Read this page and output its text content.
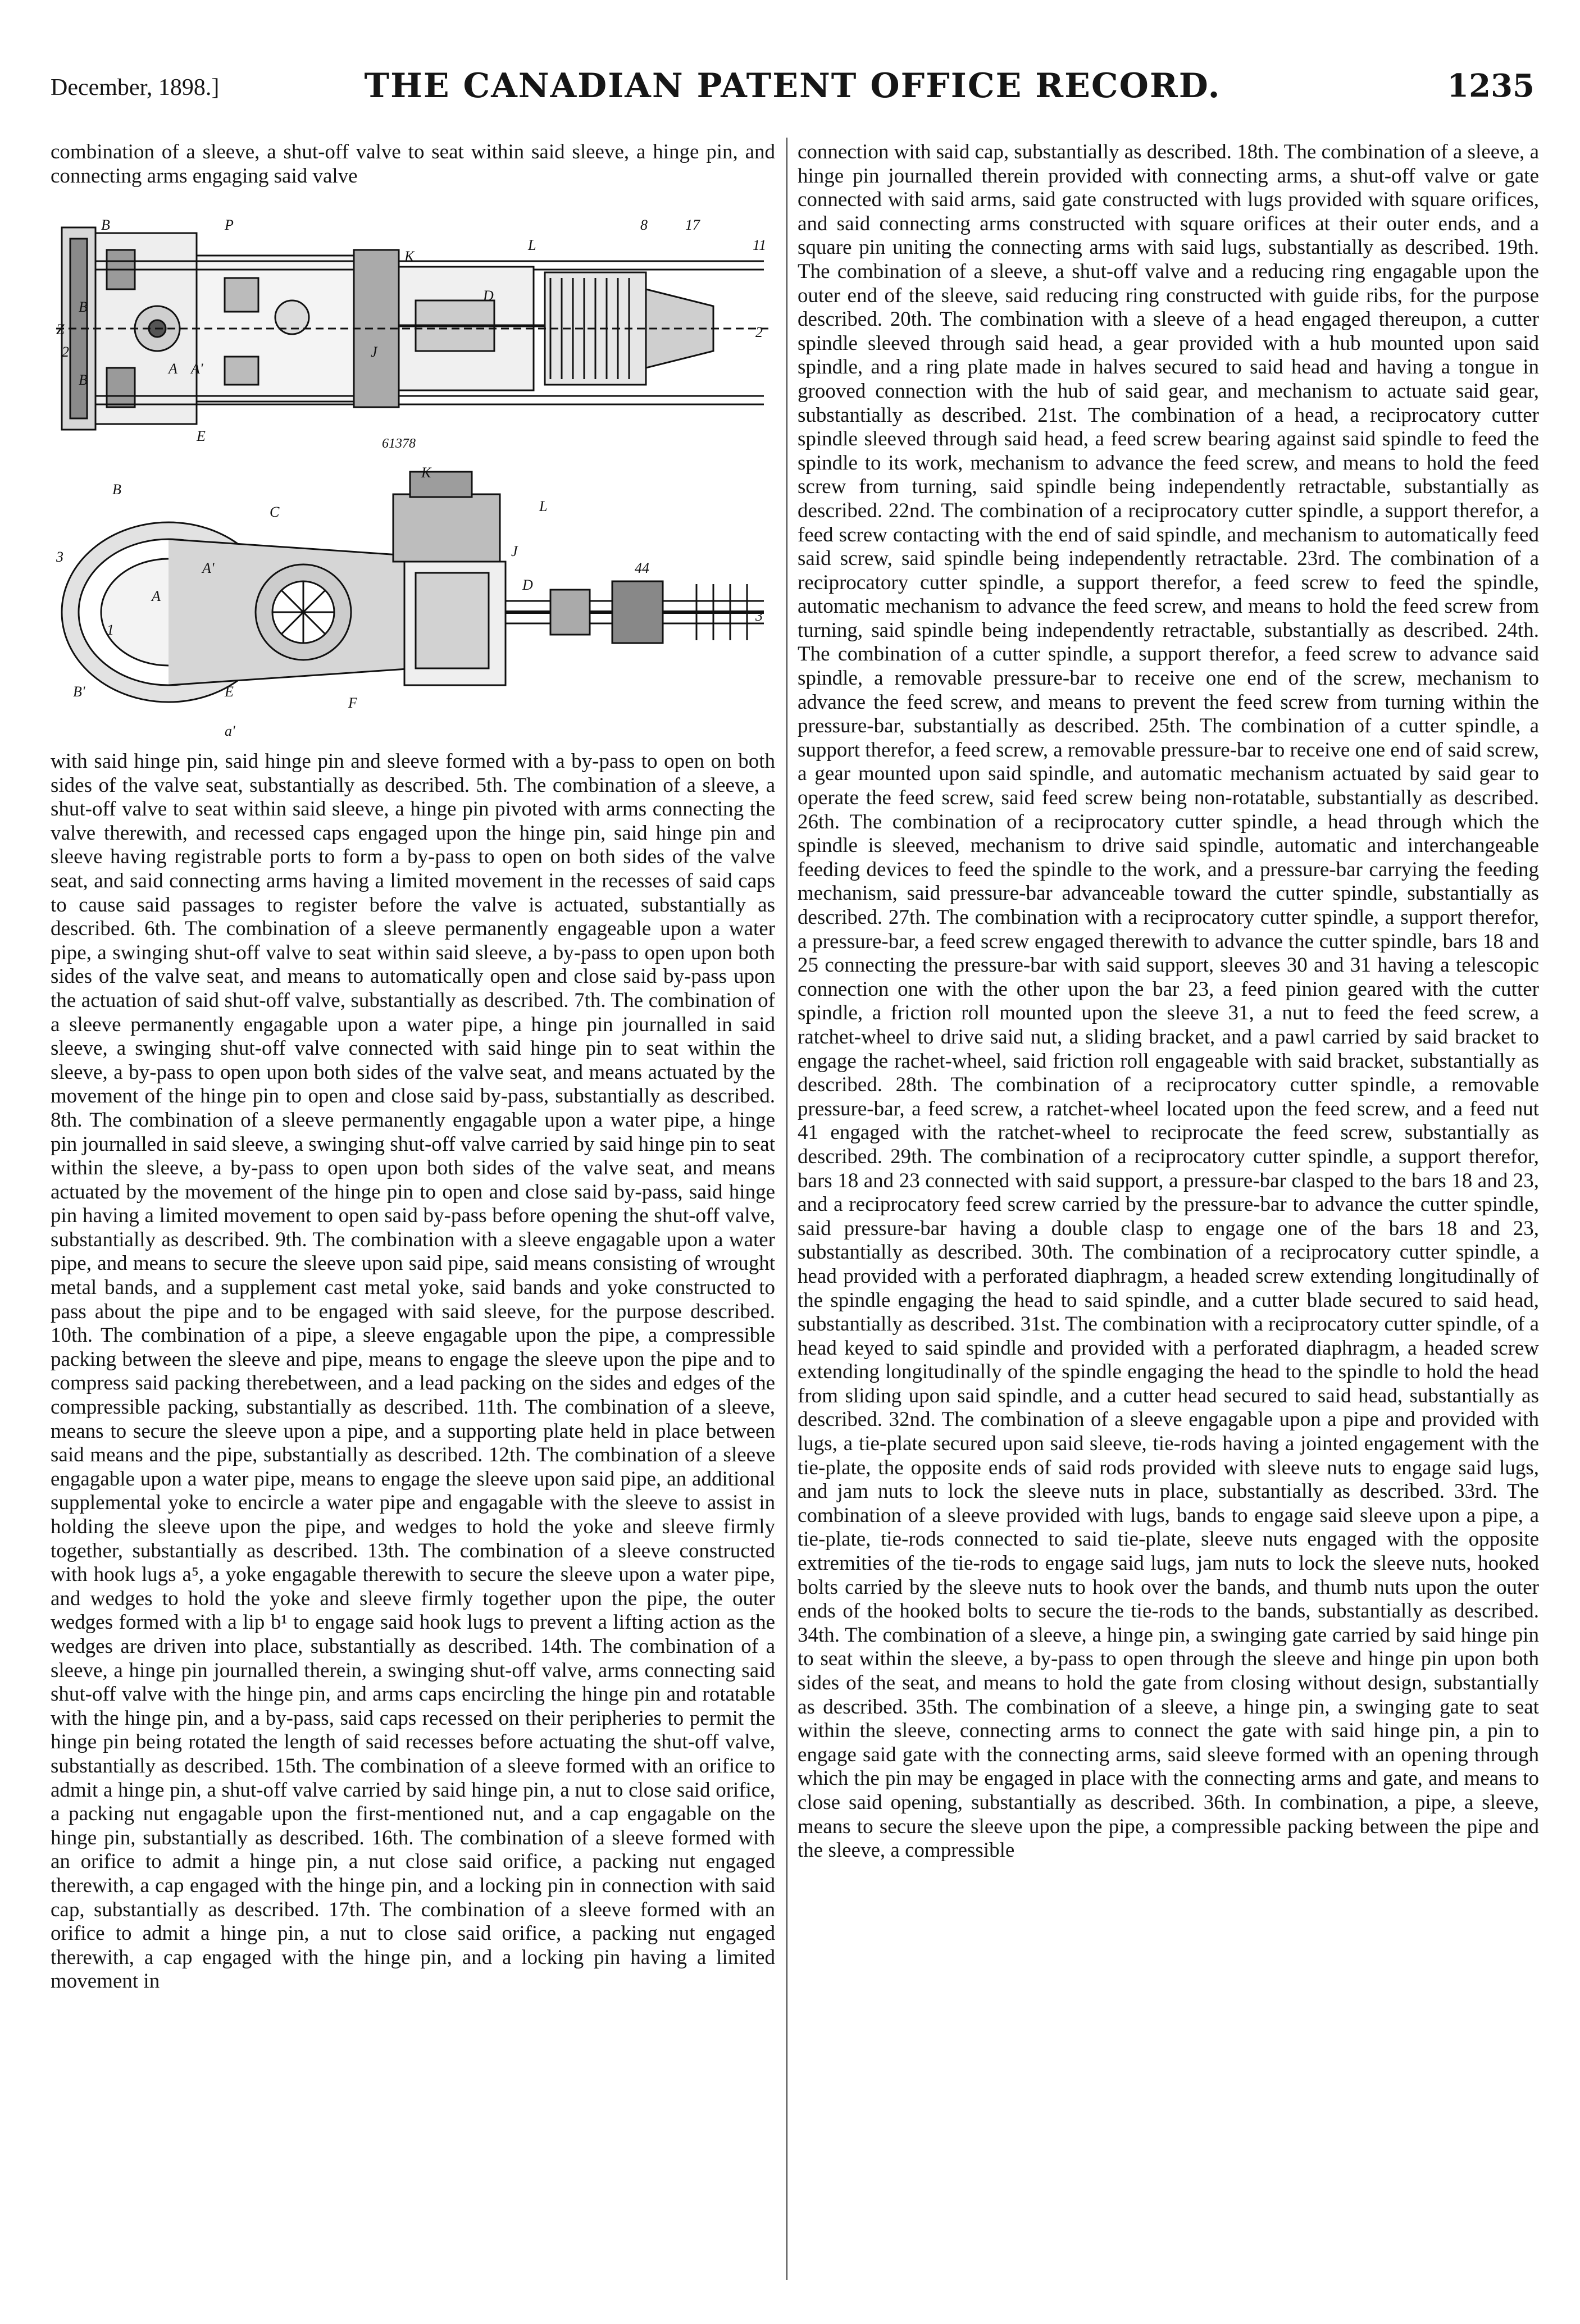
December, 1898.]	THE CANADIAN PATENT OFFICE RECORD.	1235

combination of a sleeve, a shut-off valve to seat within said sleeve, a hinge pin, and connecting arms engaging said valve

B	P
B
B
Z
A A'
E
D
2
2
11
8
K
J
L
17
61378
B
3
A
A'
1
B'
C
E
F
D
K
J
3
L
44
a'

with said hinge pin, said hinge pin and sleeve formed with a by-pass to open on both sides of the valve seat, substantially as described. 5th. The combination of a sleeve, a shut-off valve to seat within said sleeve, a hinge pin pivoted with arms connecting the valve therewith, and recessed caps engaged upon the hinge pin, said hinge pin and sleeve having registrable ports to form a by-pass to open on both sides of the valve seat, and said connecting arms having a limited movement in the recesses of said caps to cause said passages to register before the valve is actuated, substantially as described. 6th. The combination of a sleeve permanently engageable upon a water pipe, a swinging shut-off valve to seat within said sleeve, a by-pass to open upon both sides of the valve seat, and means to automatically open and close said by-pass upon the actuation of said shut-off valve, substantially as described. 7th. The combination of a sleeve permanently engagable upon a water pipe, a hinge pin journalled in said sleeve, a swinging shut-off valve connected with said hinge pin to seat within the sleeve, a by-pass to open upon both sides of the valve seat, and means actuated by the movement of the hinge pin to open and close said by-pass, substantially as described. 8th. The combination of a sleeve permanently engagable upon a water pipe, a hinge pin journalled in said sleeve, a swinging shut-off valve carried by said hinge pin to seat within the sleeve, a by-pass to open upon both sides of the valve seat, and means actuated by the movement of the hinge pin to open and close said by-pass, said hinge pin having a limited movement to open said by-pass before opening the shut-off valve, substantially as described. 9th. The combination with a sleeve engagable upon a water pipe, and means to secure the sleeve upon said pipe, said means consisting of wrought metal bands, and a supplement cast metal yoke, said bands and yoke constructed to pass about the pipe and to be engaged with said sleeve, for the purpose described. 10th. The combination of a pipe, a sleeve engagable upon the pipe, a compressible packing between the sleeve and pipe, means to engage the sleeve upon the pipe and to compress said packing therebetween, and a lead packing on the sides and edges of the compressible packing, substantially as described. 11th. The combination of a sleeve, means to secure the sleeve upon a pipe, and a supporting plate held in place between said means and the pipe, substantially as described. 12th. The combination of a sleeve engagable upon a water pipe, means to engage the sleeve upon said pipe, an additional supplemental yoke to encircle a water pipe and engagable with the sleeve to assist in holding the sleeve upon the pipe, and wedges to hold the yoke and sleeve firmly together, substantially as described. 13th. The combination of a sleeve constructed with hook lugs a⁵, a yoke engagable therewith to secure the sleeve upon a water pipe, and wedges to hold the yoke and sleeve firmly together upon the pipe, the outer wedges formed with a lip b¹ to engage said hook lugs to prevent a lifting action as the wedges are driven into place, substantially as described. 14th. The combination of a sleeve, a hinge pin journalled therein, a swinging shut-off valve, arms connecting said shut-off valve with the hinge pin, and arms caps encircling the hinge pin and rotatable with the hinge pin, and a by-pass, said caps recessed on their peripheries to permit the hinge pin being rotated the length of said recesses before actuating the shut-off valve, substantially as described. 15th. The combination of a sleeve formed with an orifice to admit a hinge pin, a shut-off valve carried by said hinge pin, a nut to close said orifice, a packing nut engagable upon the first-mentioned nut, and a cap engagable on the hinge pin, substantially as described. 16th. The combination of a sleeve formed with an orifice to admit a hinge pin, a nut close said orifice, a packing nut engaged therewith, a cap engaged with the hinge pin, and a locking pin in connection with said cap, substantially as described. 17th. The combination of a sleeve formed with an orifice to admit a hinge pin, a nut to close said orifice, a packing nut engaged therewith, a cap engaged with the hinge pin, and a locking pin having a limited movement in

connection with said cap, substantially as described. 18th. The combination of a sleeve, a hinge pin journalled therein provided with connecting arms, a shut-off valve or gate connected with said arms, said gate constructed with lugs provided with square orifices, and said connecting arms constructed with square orifices at their outer ends, and a square pin uniting the connecting arms with said lugs, substantially as described. 19th. The combination of a sleeve, a shut-off valve and a reducing ring engagable upon the outer end of the sleeve, said reducing ring constructed with guide ribs, for the purpose described. 20th. The combination with a sleeve of a head engaged thereupon, a cutter spindle sleeved through said head, a gear provided with a hub mounted upon said spindle, and a ring plate made in halves secured to said head and having a tongue in grooved connection with the hub of said gear, and mechanism to actuate said gear, substantially as described. 21st. The combination of a head, a reciprocatory cutter spindle sleeved through said head, a feed screw bearing against said spindle to feed the spindle to its work, mechanism to advance the feed screw, and means to hold the feed screw from turning, said spindle being independently retractable, substantially as described. 22nd. The combination of a reciprocatory cutter spindle, a support therefor, a feed screw contacting with the end of said spindle, and mechanism to automatically feed said screw, said spindle being independently retractable. 23rd. The combination of a reciprocatory cutter spindle, a support therefor, a feed screw to feed the spindle, automatic mechanism to advance the feed screw, and means to hold the feed screw from turning, said spindle being independently retractable, substantially as described. 24th. The combination of a cutter spindle, a support therefor, a feed screw to advance said spindle, a removable pressure-bar to receive one end of the screw, mechanism to advance the feed screw, and means to prevent the feed screw from turning within the pressure-bar, substantially as described. 25th. The combination of a cutter spindle, a support therefor, a feed screw, a removable pressure-bar to receive one end of said screw, a gear mounted upon said spindle, and automatic mechanism actuated by said gear to operate the feed screw, said feed screw being non-rotatable, substantially as described. 26th. The combination of a reciprocatory cutter spindle, a head through which the spindle is sleeved, mechanism to drive said spindle, automatic and interchangeable feeding devices to feed the spindle to the work, and a pressure-bar carrying the feeding mechanism, said pressure-bar advanceable toward the cutter spindle, substantially as described. 27th. The combination with a reciprocatory cutter spindle, a support therefor, a pressure-bar, a feed screw engaged therewith to advance the cutter spindle, bars 18 and 25 connecting the pressure-bar with said support, sleeves 30 and 31 having a telescopic connection one with the other upon the bar 23, a feed pinion geared with the cutter spindle, a friction roll mounted upon the sleeve 31, a nut to feed the feed screw, a ratchet-wheel to drive said nut, a sliding bracket, and a pawl carried by said bracket to engage the rachet-wheel, said friction roll engageable with said bracket, substantially as described. 28th. The combination of a reciprocatory cutter spindle, a removable pressure-bar, a feed screw, a ratchet-wheel located upon the feed screw, and a feed nut 41 engaged with the ratchet-wheel to reciprocate the feed screw, substantially as described. 29th. The combination of a reciprocatory cutter spindle, a support therefor, bars 18 and 23 connected with said support, a pressure-bar clasped to the bars 18 and 23, and a reciprocatory feed screw carried by the pressure-bar to advance the cutter spindle, said pressure-bar having a double clasp to engage one of the bars 18 and 23, substantially as described. 30th. The combination of a reciprocatory cutter spindle, a head provided with a perforated diaphragm, a headed screw extending longitudinally of the spindle engaging the head to said spindle, and a cutter blade secured to said head, substantially as described. 31st. The combination with a reciprocatory cutter spindle, of a head keyed to said spindle and provided with a perforated diaphragm, a headed screw extending longitudinally of the spindle engaging the head to the spindle to hold the head from sliding upon said spindle, and a cutter head secured to said head, substantially as described. 32nd. The combination of a sleeve engagable upon a pipe and provided with lugs, a tie-plate secured upon said sleeve, tie-rods having a jointed engagement with the tie-plate, the opposite ends of said rods provided with sleeve nuts to engage said lugs, and jam nuts to lock the sleeve nuts in place, substantially as described. 33rd. The combination of a sleeve provided with lugs, bands to engage said sleeve upon a pipe, a tie-plate, tie-rods connected to said tie-plate, sleeve nuts engaged with the opposite extremities of the tie-rods to engage said lugs, jam nuts to lock the sleeve nuts, hooked bolts carried by the sleeve nuts to hook over the bands, and thumb nuts upon the outer ends of the hooked bolts to secure the tie-rods to the bands, substantially as described. 34th. The combination of a sleeve, a hinge pin, a swinging gate carried by said hinge pin to seat within the sleeve, a by-pass to open through the sleeve and hinge pin upon both sides of the seat, and means to hold the gate from closing without design, substantially as described. 35th. The combination of a sleeve, a hinge pin, a swinging gate to seat within the sleeve, connecting arms to connect the gate with said hinge pin, a pin to engage said gate with the connecting arms, said sleeve formed with an opening through which the pin may be engaged in place with the connecting arms and gate, and means to close said opening, substantially as described. 36th. In combination, a pipe, a sleeve, means to secure the sleeve upon the pipe, a compressible packing between the pipe and the sleeve, a compressible
